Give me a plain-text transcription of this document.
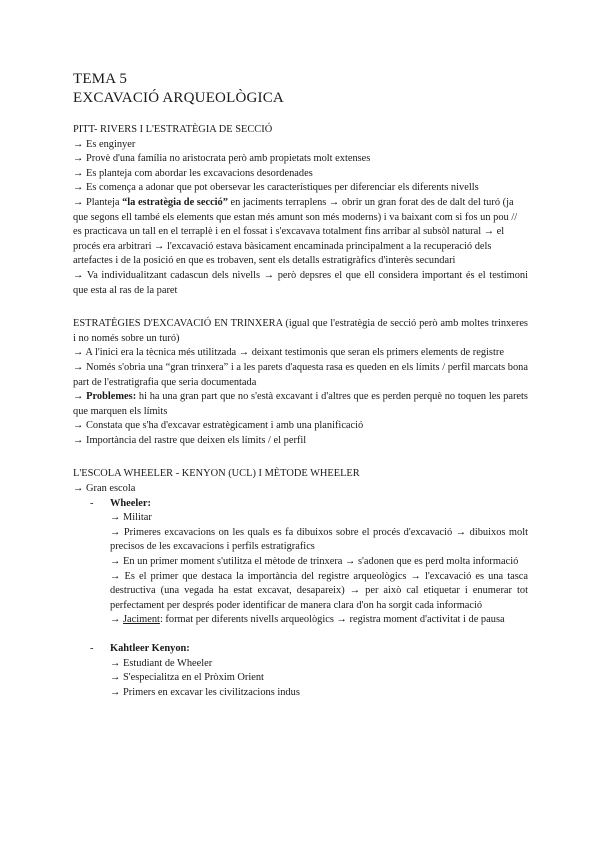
TEMA 5
EXCAVACIÓ ARQUEOLÒGICA

PITT- RIVERS I L'ESTRATÈGIA DE SECCIÓ

→ Es enginyer

→ Provè d'una família no aristocrata però amb propietats molt extenses

→ Es planteja com abordar les excavacions desordenades

→ Es comença a adonar que pot obersevar les característiques per diferenciar els diferents nivells

→ Planteja “la estratègia de secció” en jaciments terraplens → obrir un gran forat des de dalt del turó (ja que segons ell també els elements que estan més amunt son més moderns) i va baixant com si fos un pou // es practicava un tall en el terraplè i en el fossat i s'excavava totalment fins arribar al subsòl natural → el procés era arbitrari → l'excavació estava bàsicament encaminada principalment a la recuperació dels artefactes i de la posició en que es trobaven, sent els detalls estratigràfics d'interès secundari

→ Va individualitzant cadascun dels nivells → però depsres el que ell considera important és el testimoni que esta al ras de la paret

ESTRATÈGIES D'EXCAVACIÓ EN TRINXERA (igual que l'estratègia de secció però amb moltes trinxeres i no només sobre un turó)

→ A l'inici era la tècnica més utilitzada → deixant testimonis que seran els primers elements de registre

→ Només s'obria una “gran trinxera” i a les parets d'aquesta rasa es queden en els límits / perfil marcats bona part de l'estratigrafia que seria documentada

→ Problemes: hi ha una gran part que no s'està excavant i d'altres que es perden perquè no toquen les parets que marquen els límits

→ Constata que s'ha d'excavar estratègicament i amb una planificació

→ Importància del rastre que deixen els límits / el perfil

L'ESCOLA WHEELER - KENYON (UCL) I MÈTODE WHEELER

→ Gran escola

- Wheeler:

→ Militar

→ Primeres excavacions on les quals es fa dibuixos sobre el procés d'excavació → dibuixos molt precisos de les excavacions i perfils estratigrafics

→ En un primer moment s'utilitza el mètode de trinxera → s'adonen que es perd molta informació

→ Es el primer que destaca la importància del registre arqueològics → l'excavació es una tasca destructiva (una vegada ha estat excavat, desapareix) → per això cal etiquetar i enumerar tot perfectament per després poder identificar de manera clara d'on ha sorgit cada informació

→ Jaciment: format per diferents nivells arqueològics → registra moment d'activitat i de pausa

- Kahtleer Kenyon:

→ Estudiant de Wheeler

→ S'especialitza en el Pròxim Orient

→ Primers en excavar les civilitzacions indus
